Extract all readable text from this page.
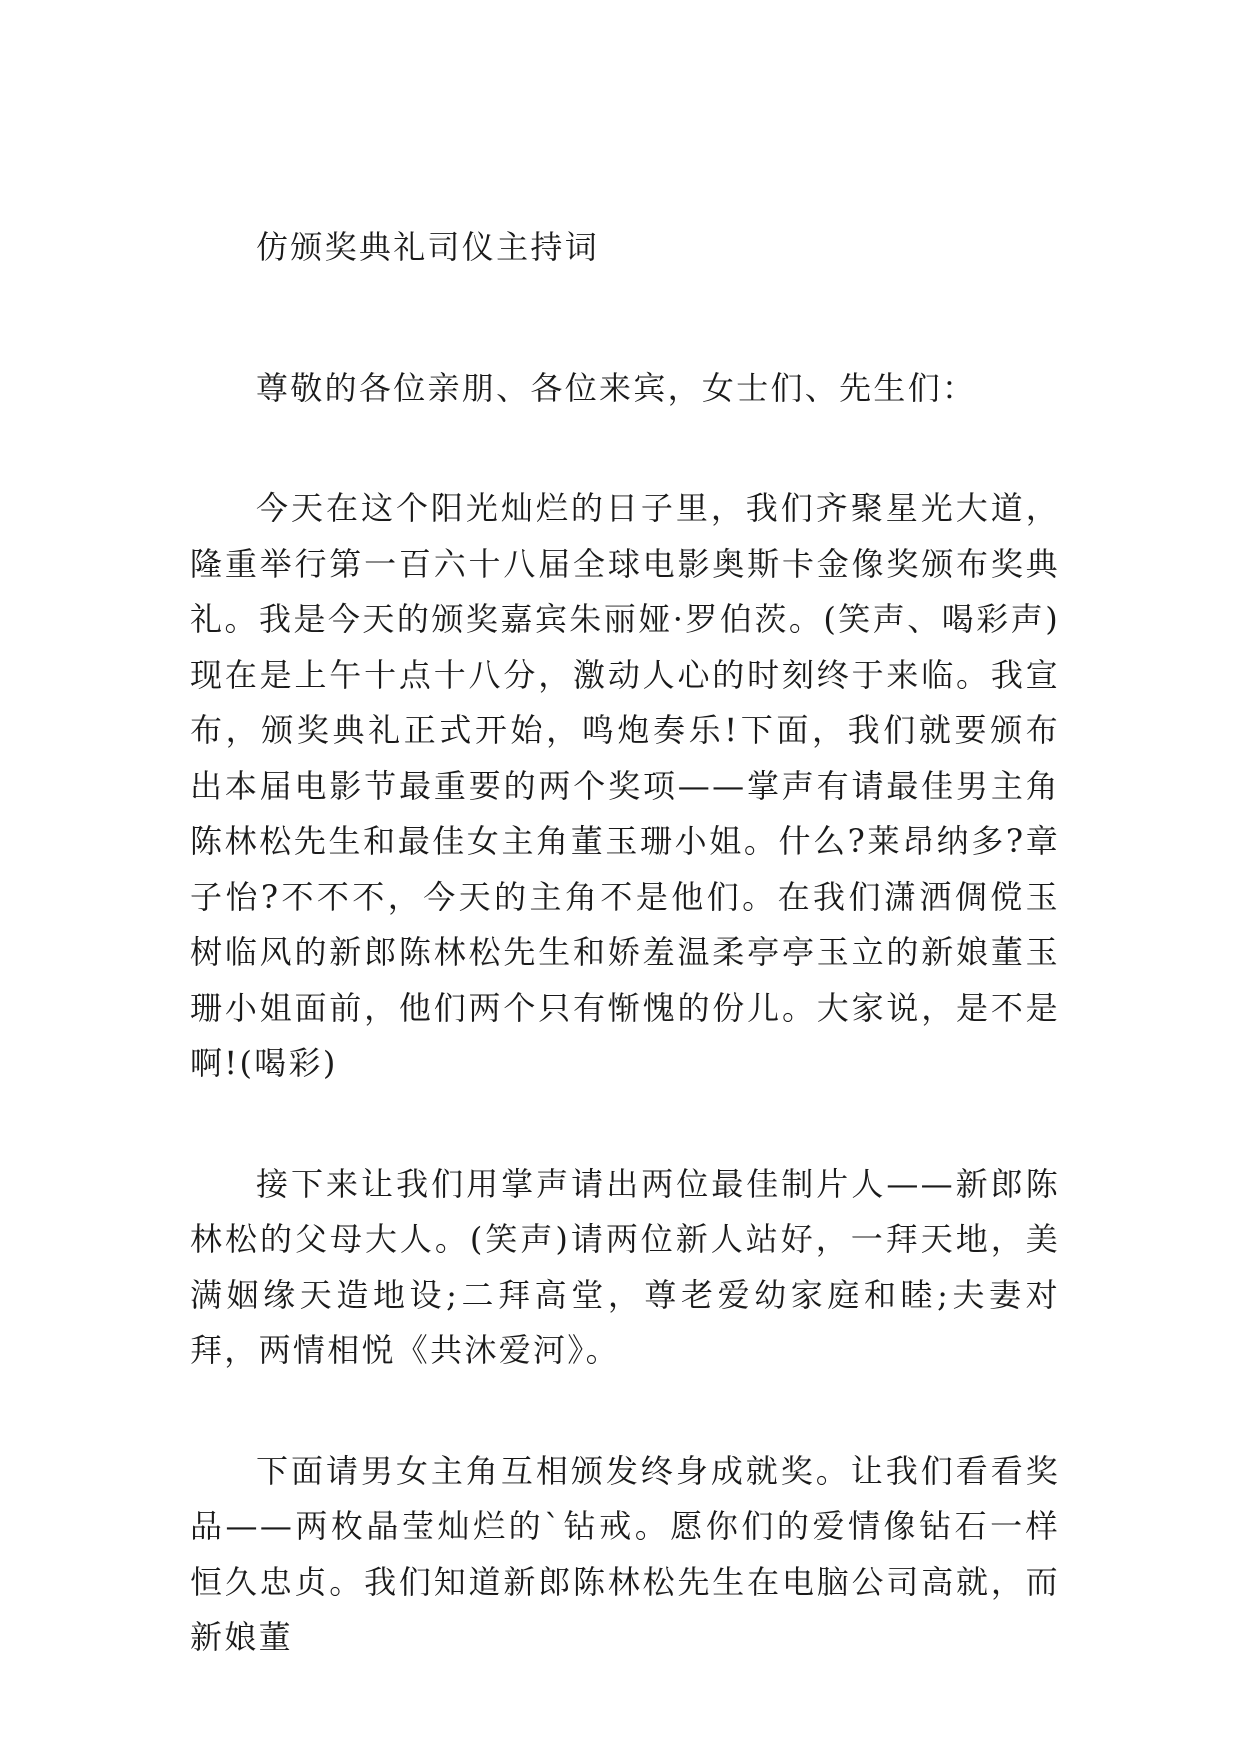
仿颁奖典礼司仪主持词

尊敬的各位亲朋、各位来宾，女士们、先生们：

今天在这个阳光灿烂的日子里，我们齐聚星光大道，隆重举行第一百六十八届全球电影奥斯卡金像奖颁布奖典礼。我是今天的颁奖嘉宾朱丽娅·罗伯茨。(笑声、喝彩声)现在是上午十点十八分，激动人心的时刻终于来临。我宣布，颁奖典礼正式开始，鸣炮奏乐!下面，我们就要颁布出本届电影节最重要的两个奖项——掌声有请最佳男主角陈林松先生和最佳女主角董玉珊小姐。什么?莱昂纳多?章子怡?不不不，今天的主角不是他们。在我们潇洒倜傥玉树临风的新郎陈林松先生和娇羞温柔亭亭玉立的新娘董玉珊小姐面前，他们两个只有惭愧的份儿。大家说，是不是啊!(喝彩)

接下来让我们用掌声请出两位最佳制片人——新郎陈林松的父母大人。(笑声)请两位新人站好，一拜天地，美满姻缘天造地设;二拜高堂，尊老爱幼家庭和睦;夫妻对拜，两情相悦《共沐爱河》。

下面请男女主角互相颁发终身成就奖。让我们看看奖品——两枚晶莹灿烂的`钻戒。愿你们的爱情像钻石一样恒久忠贞。我们知道新郎陈林松先生在电脑公司高就，而新娘董
